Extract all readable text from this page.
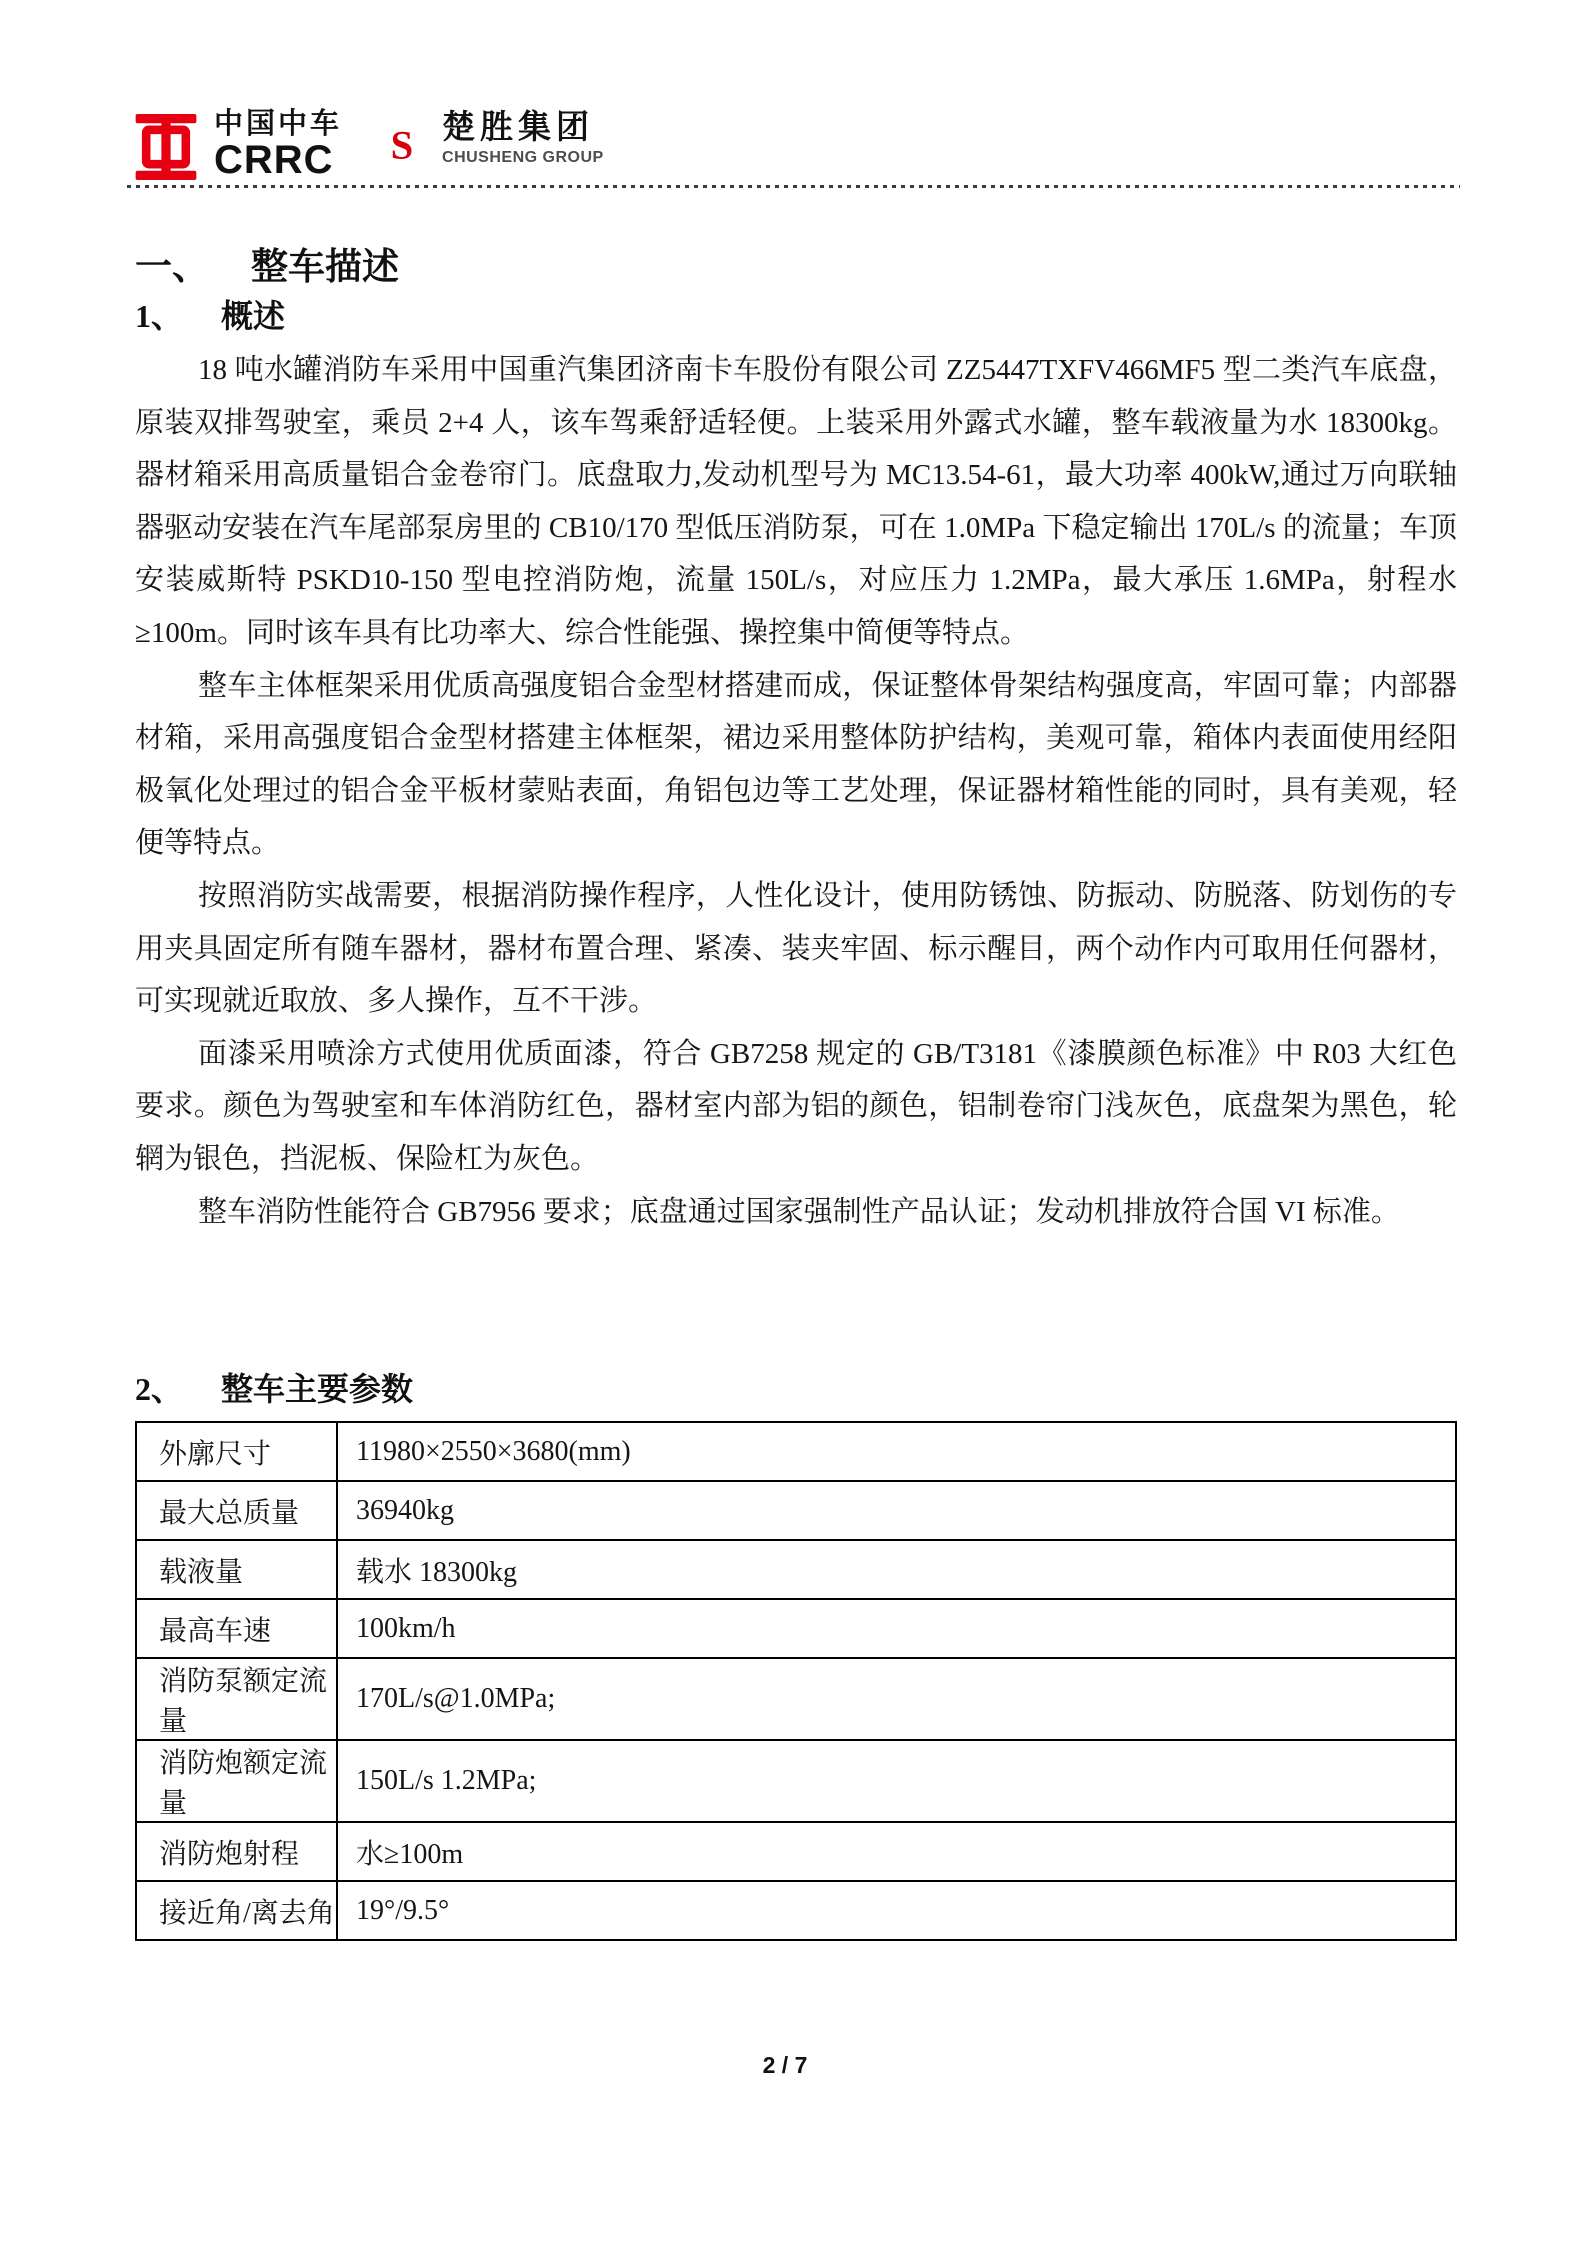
中国中车
CRRC S 楚胜集团
CHUSHENG GROUP
一、 整车描述
1、 概述

18 吨水罐消防车采用中国重汽集团济南卡车股份有限公司 ZZ5447TXFV466MF5 型二类汽车底盘，原装双排驾驶室，乘员 2+4 人，该车驾乘舒适轻便。上装采用外露式水罐，整车载液量为水 18300kg。器材箱采用高质量铝合金卷帘门。底盘取力,发动机型号为 MC13.54-61，最大功率 400kW,通过万向联轴器驱动安装在汽车尾部泵房里的 CB10/170 型低压消防泵，可在 1.0MPa 下稳定输出 170L/s 的流量；车顶安装威斯特 PSKD10-150 型电控消防炮，流量 150L/s，对应压力 1.2MPa，最大承压 1.6MPa，射程水≥100m。同时该车具有比功率大、综合性能强、操控集中简便等特点。

整车主体框架采用优质高强度铝合金型材搭建而成，保证整体骨架结构强度高，牢固可靠；内部器材箱，采用高强度铝合金型材搭建主体框架，裙边采用整体防护结构，美观可靠，箱体内表面使用经阳极氧化处理过的铝合金平板材蒙贴表面，角铝包边等工艺处理，保证器材箱性能的同时，具有美观，轻便等特点。

按照消防实战需要，根据消防操作程序，人性化设计，使用防锈蚀、防振动、防脱落、防划伤的专用夹具固定所有随车器材，器材布置合理、紧凑、装夹牢固、标示醒目，两个动作内可取用任何器材，可实现就近取放、多人操作，互不干涉。

面漆采用喷涂方式使用优质面漆，符合 GB7258 规定的 GB/T3181《漆膜颜色标准》中 R03 大红色要求。颜色为驾驶室和车体消防红色，器材室内部为铝的颜色，铝制卷帘门浅灰色，底盘架为黑色，轮辋为银色，挡泥板、保险杠为灰色。

整车消防性能符合 GB7956 要求；底盘通过国家强制性产品认证；发动机排放符合国 VI 标准。

2、 整车主要参数
外廓尺寸	11980×2550×3680(mm)
最大总质量	36940kg
载液量	载水 18300kg
最高车速	100km/h
消防泵额定流量	170L/s@1.0MPa;
消防炮额定流量	150L/s 1.2MPa;
消防炮射程	水≥100m
接近角/离去角	19°/9.5°
2 / 7
